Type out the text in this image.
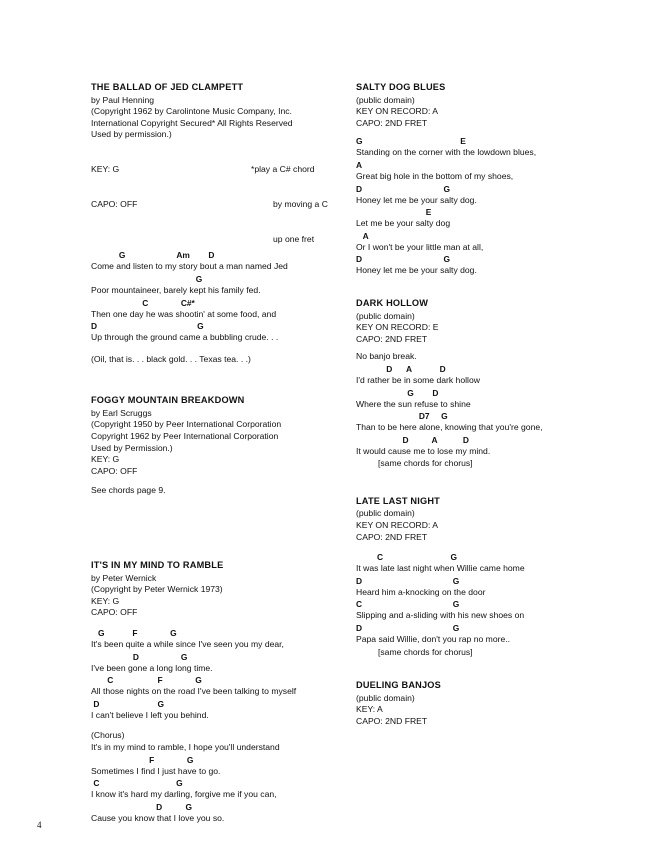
THE BALLAD OF JED CLAMPETT
by Paul Henning
(Copyright 1962 by Carolintone Music Company, Inc.
International Copyright Secured* All Rights Reserved
Used by permission.)

KEY: G

CAPO: OFF

*play a C# chord

by moving a C

up one fret

G                      Am        D
Come and listen to my story bout a man named Jed
G
Poor mountaineer, barely kept his family fed.
C              C#*
Then one day he was shootin' at some food, and
D                                           G
Up through the ground came a bubbling crude. . .
(Oil, that is. . . black gold. . . Texas tea. . .)
FOGGY MOUNTAIN BREAKDOWN
by Earl Scruggs
(Copyright 1950 by Peer International Corporation
Copyright 1962 by Peer International Corporation
Used by Permission.)
KEY: G
CAPO: OFF
See chords page 9.
IT'S IN MY MIND TO RAMBLE
by Peter Wernick
(Copyright by Peter Wernick 1973)
KEY: G
CAPO: OFF
G            F              G
It's been quite a while since I've seen you my dear,
D                  G
I've been gone a long long time.
C                   F              G
All those nights on the road I've been talking to myself
D                         G
I can't believe I left you behind.
(Chorus)
It's in my mind to ramble, I hope you'll understand
F              G
Sometimes I find I just have to go.
C                                 G
I know it's hard my darling, forgive me if you can,
D          G
Cause you know that I love you so.
SALTY DOG BLUES
(public domain)
KEY ON RECORD: A
CAPO: 2ND FRET
G                                          E
Standing on the corner with the lowdown blues,
A
Great big hole in the bottom of my shoes,
D                                   G
Honey let me be your salty dog.
E
Let me be your salty dog
A
Or I won't be your little man at all,
D                                   G
Honey let me be your salty dog.
DARK HOLLOW
(public domain)
KEY ON RECORD: E
CAPO: 2ND FRET
No banjo break.
D      A            D
I'd rather be in some dark hollow
G        D
Where the sun refuse to shine
D7     G
Than to be here alone, knowing that you're gone,
D          A           D
It would cause me to lose my mind.
[same chords for chorus]
LATE LAST NIGHT
(public domain)
KEY ON RECORD: A
CAPO: 2ND FRET
C                             G
It was late last night when Willie came home
D                                       G
Heard him a-knocking on the door
C                                       G
Slipping and a-sliding with his new shoes on
D                                       G
Papa said Willie, don't you rap no more..
[same chords for chorus]
DUELING BANJOS
(public domain)
KEY: A
CAPO: 2ND FRET
4
